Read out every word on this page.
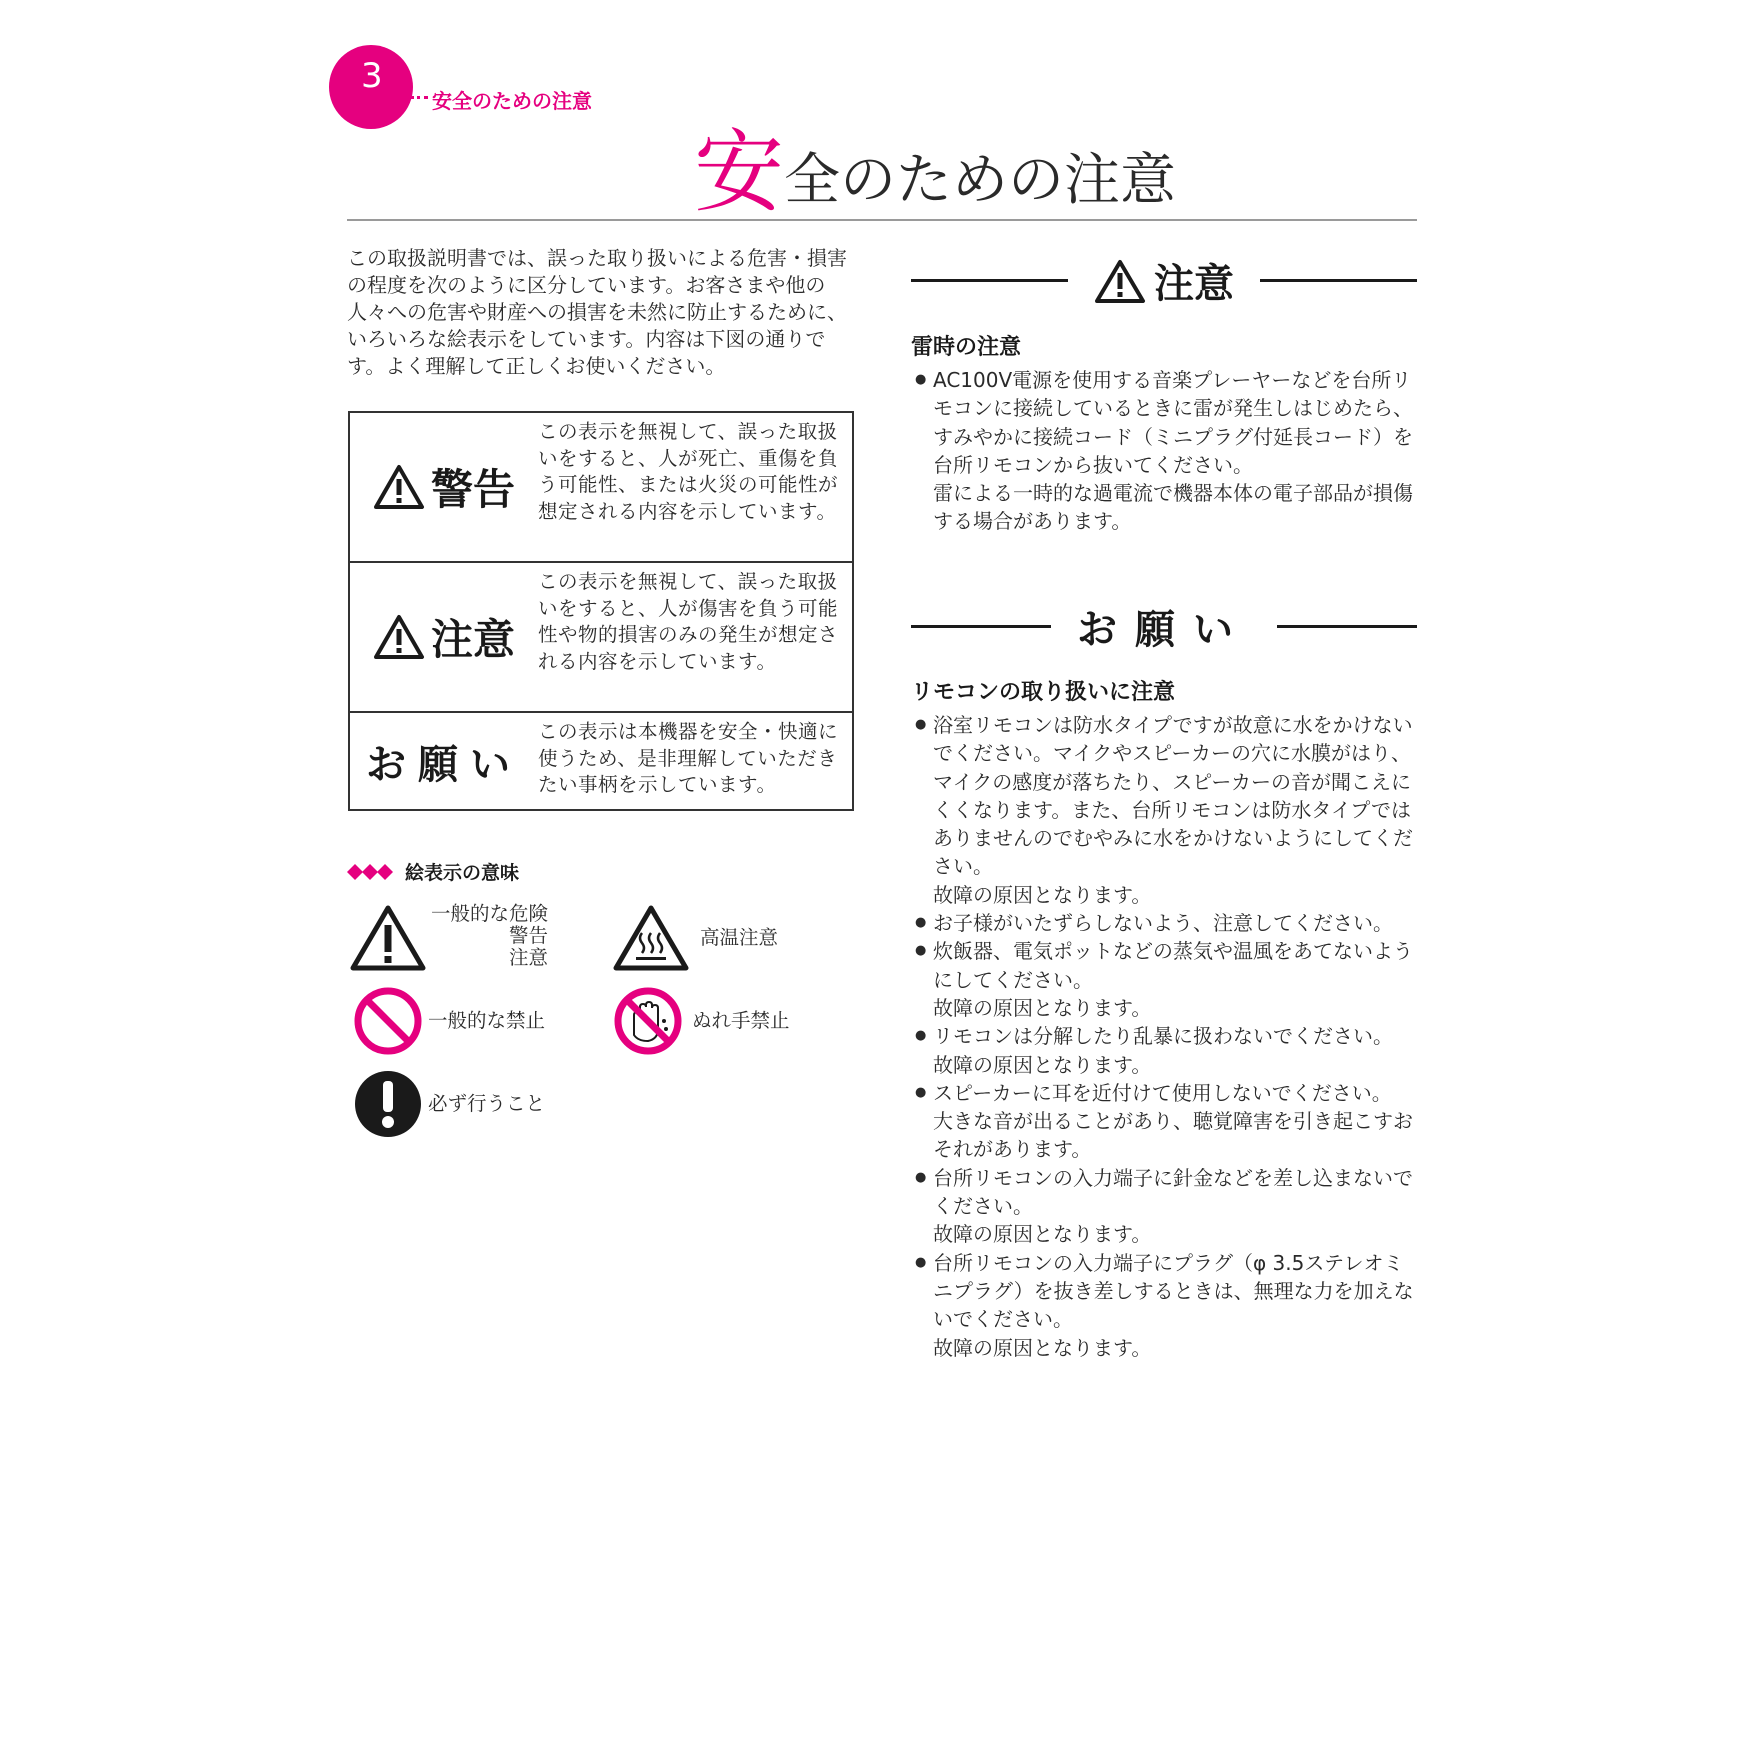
3
安全のための注意
安全のための注意
この取扱説明書では、誤った取り扱いによる危害・損害の程度を次のように区分しています。お客さまや他の人々への危害や財産への損害を未然に防止するために、いろいろな絵表示をしています。内容は下図の通りです。よく理解して正しくお使いください。
警告
この表示を無視して、誤った取扱いをすると、人が死亡、重傷を負う可能性、または火災の可能性が想定される内容を示しています。
注意
この表示を無視して、誤った取扱いをすると、人が傷害を負う可能性や物的損害のみの発生が想定される内容を示しています。
お願い
この表示は本機器を安全・快適に使うため、是非理解していただきたい事柄を示しています。
絵表示の意味
一般的な危険
警告
注意
高温注意
一般的な禁止	ぬれ手禁止
必ず行うこと
注意
雷時の注意
● AC100V電源を使用する音楽プレーヤーなどを台所リモコンに接続しているときに雷が発生しはじめたら、すみやかに接続コード（ミニプラグ付延長コード）を台所リモコンから抜いてください。
雷による一時的な過電流で機器本体の電子部品が損傷する場合があります。
お願い
リモコンの取り扱いに注意
● 浴室リモコンは防水タイプですが故意に水をかけないでください。マイクやスピーカーの穴に水膜がはり、マイクの感度が落ちたり、スピーカーの音が聞こえにくくなります。また、台所リモコンは防水タイプではありませんのでむやみに水をかけないようにしてください。
故障の原因となります。
● お子様がいたずらしないよう、注意してください。
● 炊飯器、電気ポットなどの蒸気や温風をあてないようにしてください。
故障の原因となります。
● リモコンは分解したり乱暴に扱わないでください。
故障の原因となります。
● スピーカーに耳を近付けて使用しないでください。
大きな音が出ることがあり、聴覚障害を引き起こすおそれがあります。
● 台所リモコンの入力端子に針金などを差し込まないでください。
故障の原因となります。
● 台所リモコンの入力端子にプラグ（φ 3.5ステレオミニプラグ）を抜き差しするときは、無理な力を加えないでください。
故障の原因となります。
